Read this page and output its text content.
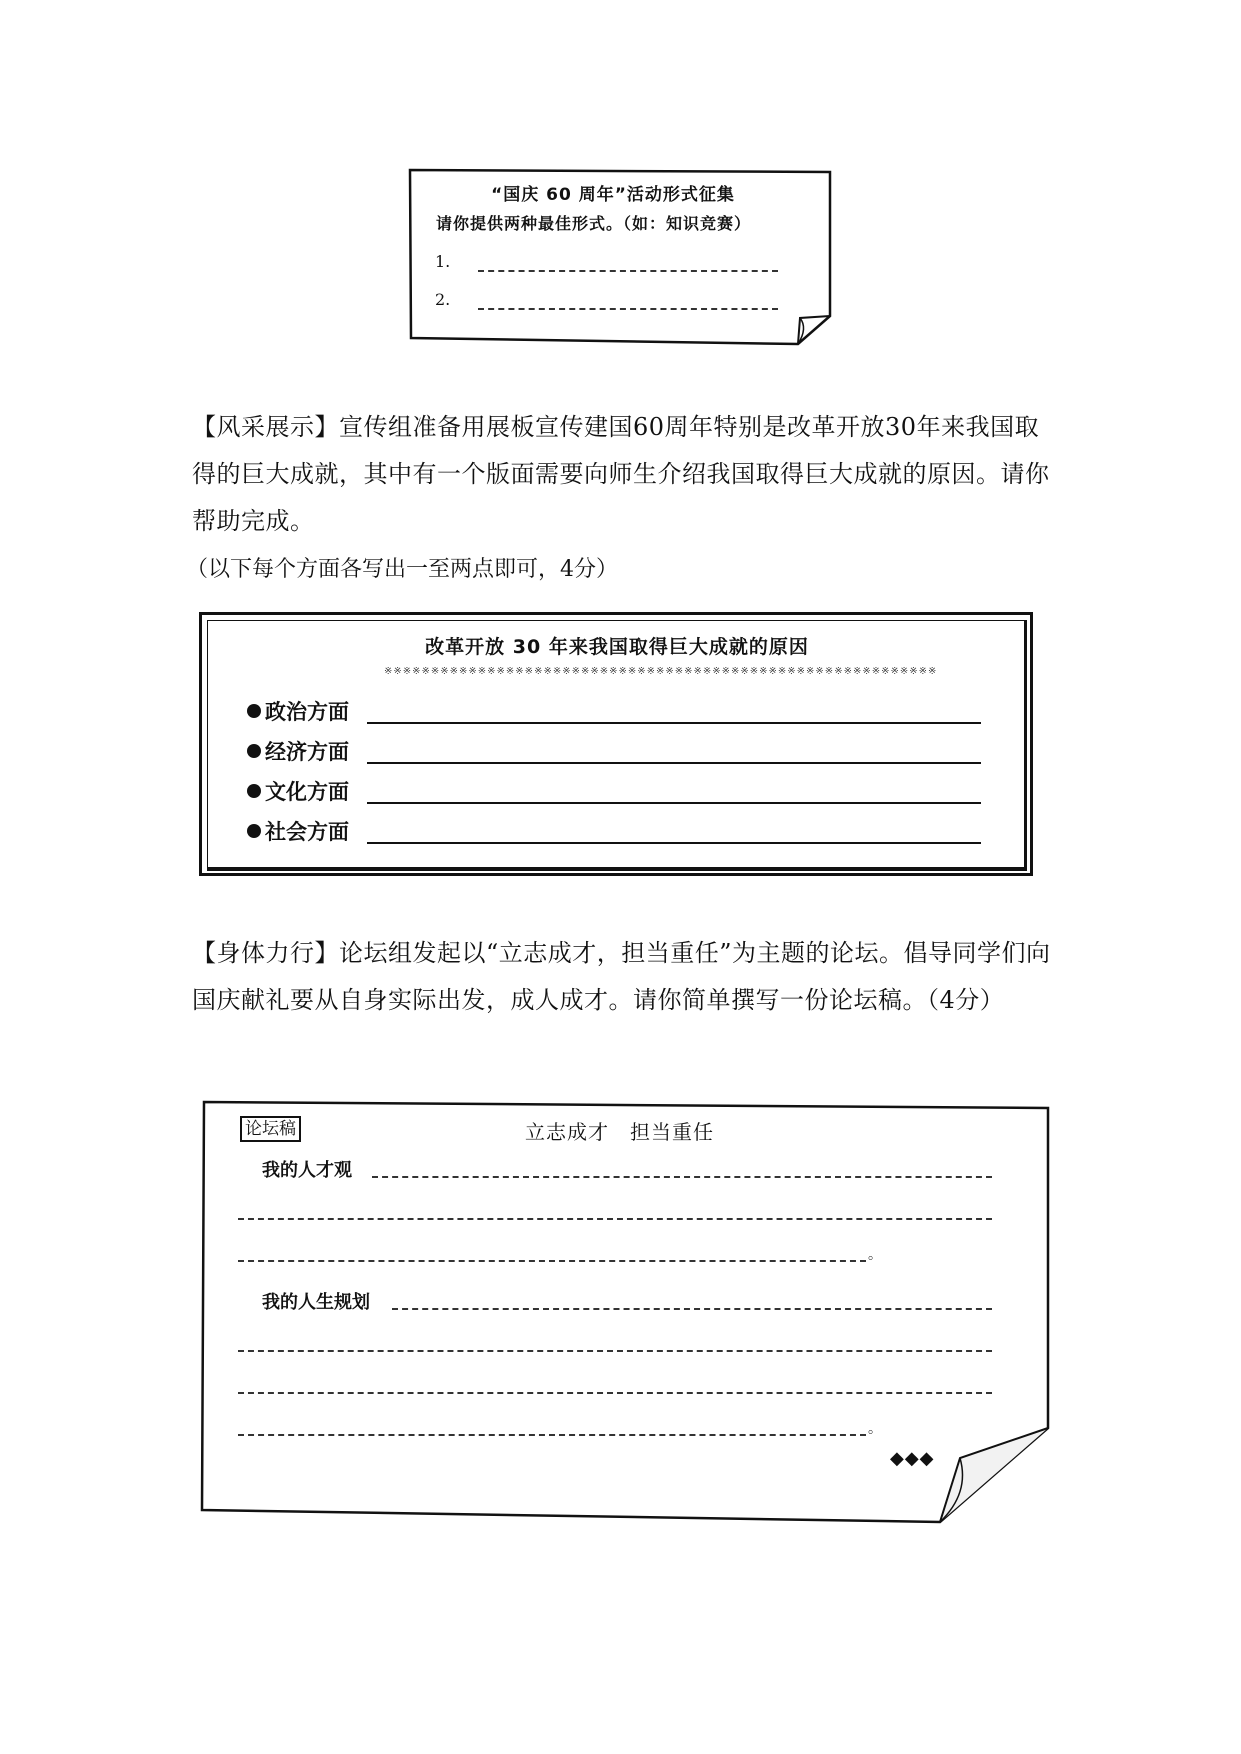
“国庆 60 周年”活动形式征集
请你提供两种最佳形式。（如：知识竞赛）
1.
2.
【风采展示】宣传组准备用展板宣传建国60周年特别是改革开放30年来我国取得的巨大成就，其中有一个版面需要向师生介绍我国取得巨大成就的原因。请你帮助完成。
（以下每个方面各写出一至两点即可，4分）
改革开放 30 年来我国取得巨大成就的原因
※※※※※※※※※※※※※※※※※※※※※※※※※※※※※※※※※※※※※※※※※※※※※※※※※※※※※※※※※※※
政治方面
经济方面
文化方面
社会方面
【身体力行】论坛组发起以“立志成才，担当重任”为主题的论坛。倡导同学们向国庆献礼要从自身实际出发，成人成才。请你简单撰写一份论坛稿。（4分）
论坛稿	立志成才　担当重任
我的人才观
。
我的人生规划
。
◆◆◆
